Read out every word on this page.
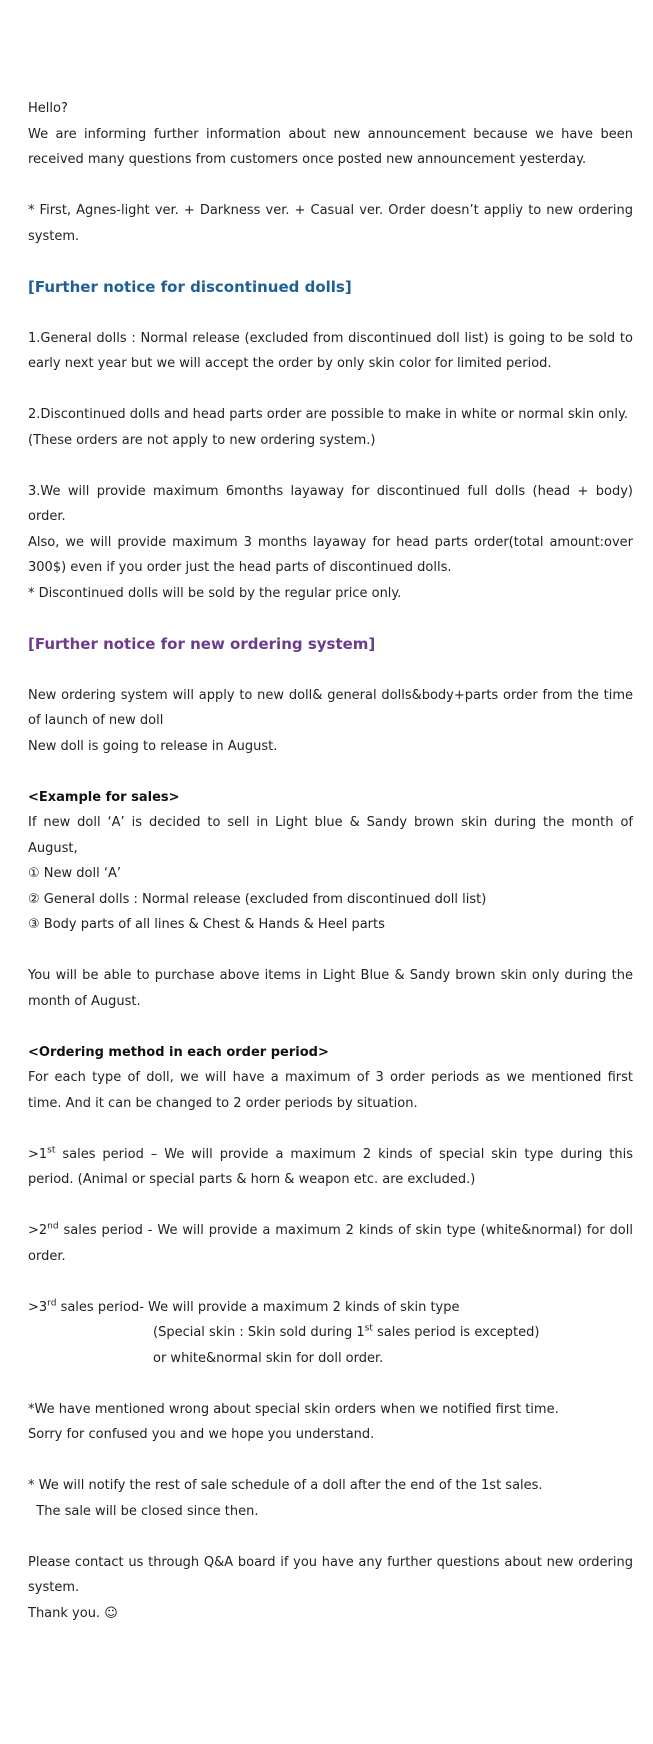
Hello?

We are informing further information about new announcement because we have been received many questions from customers once posted new announcement yesterday.

* First, Agnes-light ver. + Darkness ver. + Casual ver. Order doesn’t appliy to new ordering system.

[Further notice for discontinued dolls]

1.General dolls : Normal release (excluded from discontinued doll list) is going to be sold to early next year but we will accept the order by only skin color for limited period.

2.Discontinued dolls and head parts order are possible to make in white or normal skin only.

(These orders are not apply to new ordering system.)

3.We will provide maximum 6months layaway for discontinued full dolls (head + body) order.

Also, we will provide maximum 3 months layaway for head parts order(total amount:over 300$) even if you order just the head parts of discontinued dolls.

* Discontinued dolls will be sold by the regular price only.

[Further notice for new ordering system]

New ordering system will apply to new doll& general dolls&body+parts order from the time of launch of new doll

New doll is going to release in August.

<Example for sales>

If new doll ‘A’ is decided to sell in Light blue & Sandy brown skin during the month of August,

① New doll ‘A’

② General dolls : Normal release (excluded from discontinued doll list)

③ Body parts of all lines & Chest & Hands & Heel parts

You will be able to purchase above items in Light Blue & Sandy brown skin only during the month of August.

<Ordering method in each order period>

For each type of doll, we will have a maximum of 3 order periods as we mentioned first time. And it can be changed to 2 order periods by situation.

>1st sales period – We will provide a maximum 2 kinds of special skin type during this period. (Animal or special parts & horn & weapon etc. are excluded.)

>2nd sales period - We will provide a maximum 2 kinds of skin type (white&normal) for doll order.

>3rd sales period- We will provide a maximum 2 kinds of skin type

(Special skin : Skin sold during 1st sales period is excepted)

or white&normal skin for doll order.

*We have mentioned wrong about special skin orders when we notified first time.

Sorry for confused you and we hope you understand.

* We will notify the rest of sale schedule of a doll after the end of the 1st sales.

The sale will be closed since then.

Please contact us through Q&A board if you have any further questions about new ordering system.

Thank you. ☺
